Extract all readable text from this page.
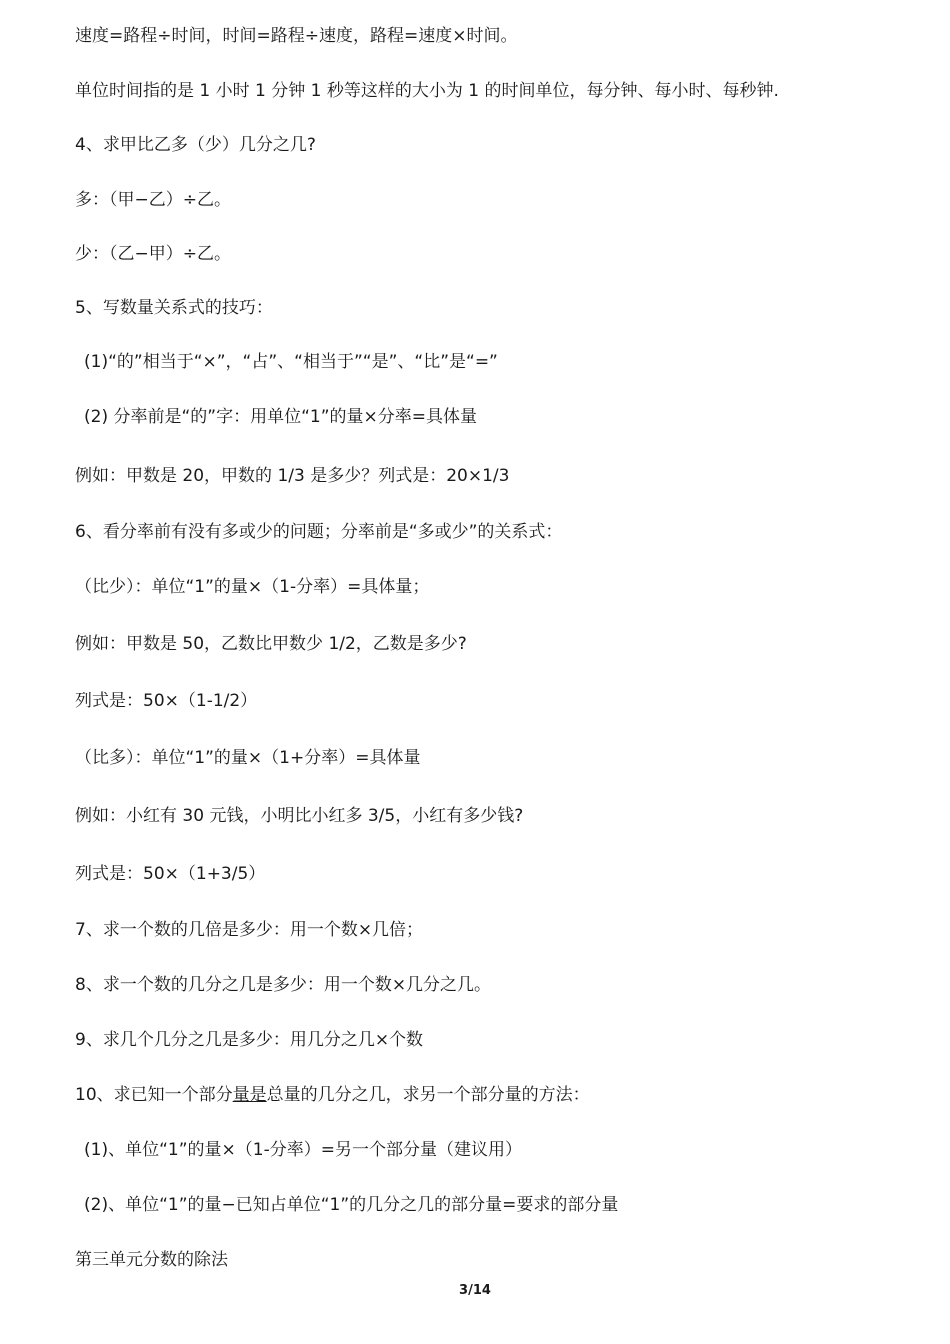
速度=路程÷时间，时间=路程÷速度，路程=速度×时间。
单位时间指的是 1 小时 1 分钟 1 秒等这样的大小为 1 的时间单位，每分钟、每小时、每秒钟.
4、求甲比乙多（少）几分之几?
多：（甲−乙）÷乙。
少：（乙−甲）÷乙。
5、写数量关系式的技巧：
(1)“的”相当于“×”，“占”、“相当于”“是”、“比”是“=”
(2) 分率前是“的”字：用单位“1”的量×分率=具体量
例如：甲数是 20，甲数的 1/3 是多少？列式是：20×1/3
6、看分率前有没有多或少的问题；分率前是“多或少”的关系式：
（比少）：单位“1”的量×（1-分率）=具体量；
例如：甲数是 50，乙数比甲数少 1/2，乙数是多少?
列式是：50×（1-1/2）
（比多）：单位“1”的量×（1+分率）=具体量
例如：小红有 30 元钱，小明比小红多 3/5，小红有多少钱?
列式是：50×（1+3/5）
7、求一个数的几倍是多少：用一个数×几倍；
8、求一个数的几分之几是多少：用一个数×几分之几。
9、求几个几分之几是多少：用几分之几×个数
10、求已知一个部分量是总量的几分之几，求另一个部分量的方法：
(1)、单位“1”的量×（1-分率）=另一个部分量（建议用）
(2)、单位“1”的量−已知占单位“1”的几分之几的部分量=要求的部分量
第三单元分数的除法
3/14
